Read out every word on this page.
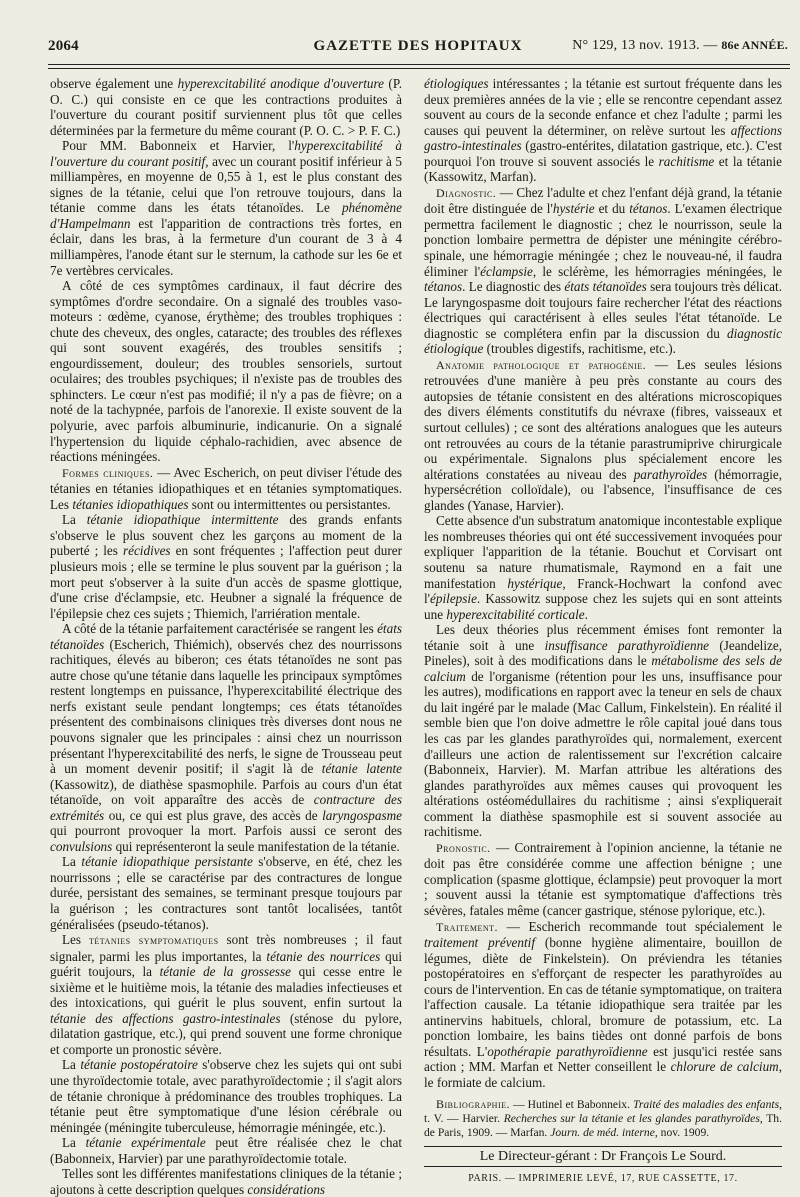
2064	GAZETTE DES HOPITAUX	N° 129, 13 nov. 1913. — 86e ANNÉE.

observe également une hyperexcitabilité anodique d'ouverture (P. O. C.) qui consiste en ce que les contractions produites à l'ouverture du courant positif surviennent plus tôt que celles déterminées par la fermeture du même courant (P. O. C. > P. F. C.)

Pour MM. Babonneix et Harvier, l'hyperexcitabilité à l'ouverture du courant positif, avec un courant positif inférieur à 5 milliampères, en moyenne de 0,55 à 1, est le plus constant des signes de la tétanie, celui que l'on retrouve toujours, dans la tétanie comme dans les états tétanoïdes. Le phénomène d'Hampelmann est l'apparition de contractions très fortes, en éclair, dans les bras, à la fermeture d'un courant de 3 à 4 milliampères, l'anode étant sur le sternum, la cathode sur les 6e et 7e vertèbres cervicales.

A côté de ces symptômes cardinaux, il faut décrire des symptômes d'ordre secondaire. On a signalé des troubles vaso-moteurs : œdème, cyanose, érythème; des troubles trophiques : chute des cheveux, des ongles, cataracte; des troubles des réflexes qui sont souvent exagérés, des troubles sensitifs ; engourdissement, douleur; des troubles sensoriels, surtout oculaires; des troubles psychiques; il n'existe pas de troubles des sphincters. Le cœur n'est pas modifié; il n'y a pas de fièvre; on a noté de la tachypnée, parfois de l'anorexie. Il existe souvent de la polyurie, avec parfois albuminurie, indicanurie. On a signalé l'hypertension du liquide céphalo-rachidien, avec absence de réactions méningées.

Formes cliniques. — Avec Escherich, on peut diviser l'étude des tétanies en tétanies idiopathiques et en tétanies symptomatiques. Les tétanies idiopathiques sont ou intermittentes ou persistantes.

La tétanie idiopathique intermittente des grands enfants s'observe le plus souvent chez les garçons au moment de la puberté ; les récidives en sont fréquentes ; l'affection peut durer plusieurs mois ; elle se termine le plus souvent par la guérison ; la mort peut s'observer à la suite d'un accès de spasme glottique, d'une crise d'éclampsie, etc. Heubner a signalé la fréquence de l'épilepsie chez ces sujets ; Thiemich, l'arriération mentale.

A côté de la tétanie parfaitement caractérisée se rangent les états tétanoïdes (Escherich, Thiémich), observés chez des nourrissons rachitiques, élevés au biberon; ces états tétanoïdes ne sont pas autre chose qu'une tétanie dans laquelle les principaux symptômes restent longtemps en puissance, l'hyperexcitabilité électrique des nerfs existant seule pendant longtemps; ces états tétanoïdes présentent des combinaisons cliniques très diverses dont nous ne pouvons signaler que les principales : ainsi chez un nourrisson présentant l'hyperexcitabilité des nerfs, le signe de Trousseau peut à un moment devenir positif; il s'agit là de tétanie latente (Kassowitz), de diathèse spasmophile. Parfois au cours d'un état tétanoïde, on voit apparaître des accès de contracture des extrémités ou, ce qui est plus grave, des accès de laryngospasme qui pourront provoquer la mort. Parfois aussi ce seront des convulsions qui représenteront la seule manifestation de la tétanie.

La tétanie idiopathique persistante s'observe, en été, chez les nourrissons ; elle se caractérise par des contractures de longue durée, persistant des semaines, se terminant presque toujours par la guérison ; les contractures sont tantôt localisées, tantôt généralisées (pseudo-tétanos).

Les tétanies symptomatiques sont très nombreuses ; il faut signaler, parmi les plus importantes, la tétanie des nourrices qui guérit toujours, la tétanie de la grossesse qui cesse entre le sixième et le huitième mois, la tétanie des maladies infectieuses et des intoxications, qui guérit le plus souvent, enfin surtout la tétanie des affections gastro-intestinales (sténose du pylore, dilatation gastrique, etc.), qui prend souvent une forme chronique et comporte un pronostic sévère.

La tétanie postopératoire s'observe chez les sujets qui ont subi une thyroïdectomie totale, avec parathyroïdectomie ; il s'agit alors de tétanie chronique à prédominance des troubles trophiques. La tétanie peut être symptomatique d'une lésion cérébrale ou méningée (méningite tuberculeuse, hémorragie méningée, etc.).

La tétanie expérimentale peut être réalisée chez le chat (Babonneix, Harvier) par une parathyroïdectomie totale.

Telles sont les différentes manifestations cliniques de la tétanie ; ajoutons à cette description quelques considérations

étiologiques intéressantes ; la tétanie est surtout fréquente dans les deux premières années de la vie ; elle se rencontre cependant assez souvent au cours de la seconde enfance et chez l'adulte ; parmi les causes qui peuvent la déterminer, on relève surtout les affections gastro-intestinales (gastro-entérites, dilatation gastrique, etc.). C'est pourquoi l'on trouve si souvent associés le rachitisme et la tétanie (Kassowitz, Marfan).

Diagnostic. — Chez l'adulte et chez l'enfant déjà grand, la tétanie doit être distinguée de l'hystérie et du tétanos. L'examen électrique permettra facilement le diagnostic ; chez le nourrisson, seule la ponction lombaire permettra de dépister une méningite cérébro-spinale, une hémorragie méningée ; chez le nouveau-né, il faudra éliminer l'éclampsie, le sclérème, les hémorragies méningées, le tétanos. Le diagnostic des états tétanoïdes sera toujours très délicat. Le laryngospasme doit toujours faire rechercher l'état des réactions électriques qui caractérisent à elles seules l'état tétanoïde. Le diagnostic se complétera enfin par la discussion du diagnostic étiologique (troubles digestifs, rachitisme, etc.).

Anatomie pathologique et pathogénie. — Les seules lésions retrouvées d'une manière à peu près constante au cours des autopsies de tétanie consistent en des altérations microscopiques des divers éléments constitutifs du névraxe (fibres, vaisseaux et surtout cellules) ; ce sont des altérations analogues que les auteurs ont retrouvées au cours de la tétanie parastrumiprive chirurgicale ou expérimentale. Signalons plus spécialement encore les altérations constatées au niveau des parathyroïdes (hémorragie, hypersécrétion colloïdale), ou l'absence, l'insuffisance de ces glandes (Yanase, Harvier).

Cette absence d'un substratum anatomique incontestable explique les nombreuses théories qui ont été successivement invoquées pour expliquer l'apparition de la tétanie. Bouchut et Corvisart ont soutenu sa nature rhumatismale, Raymond en a fait une manifestation hystérique, Franck-Hochwart la confond avec l'épilepsie. Kassowitz suppose chez les sujets qui en sont atteints une hyperexcitabilité corticale.

Les deux théories plus récemment émises font remonter la tétanie soit à une insuffisance parathyroïdienne (Jeandelize, Pineles), soit à des modifications dans le métabolisme des sels de calcium de l'organisme (rétention pour les uns, insuffisance pour les autres), modifications en rapport avec la teneur en sels de chaux du lait ingéré par le malade (Mac Callum, Finkelstein). En réalité il semble bien que l'on doive admettre le rôle capital joué dans tous les cas par les glandes parathyroïdes qui, normalement, exercent d'ailleurs une action de ralentissement sur l'excrétion calcaire (Babonneix, Harvier). M. Marfan attribue les altérations des glandes parathyroïdes aux mêmes causes qui provoquent les altérations ostéomédullaires du rachitisme ; ainsi s'expliquerait comment la diathèse spasmophile est si souvent associée au rachitisme.

Pronostic. — Contrairement à l'opinion ancienne, la tétanie ne doit pas être considérée comme une affection bénigne ; une complication (spasme glottique, éclampsie) peut provoquer la mort ; souvent aussi la tétanie est symptomatique d'affections très sévères, fatales même (cancer gastrique, sténose pylorique, etc.).

Traitement. — Escherich recommande tout spécialement le traitement préventif (bonne hygiène alimentaire, bouillon de légumes, diète de Finkelstein). On préviendra les tétanies postopératoires en s'efforçant de respecter les parathyroïdes au cours de l'intervention. En cas de tétanie symptomatique, on traitera l'affection causale. La tétanie idiopathique sera traitée par les antinervins habituels, chloral, bromure de potassium, etc. La ponction lombaire, les bains tièdes ont donné parfois de bons résultats. L'opothérapie parathyroïdienne est jusqu'ici restée sans action ; MM. Marfan et Netter conseillent le chlorure de calcium, le formiate de calcium.

Bibliographie. — Hutinel et Babonneix. Traité des maladies des enfants, t. V. — Harvier. Recherches sur la tétanie et les glandes parathyroïdes, Th. de Paris, 1909. — Marfan. Journ. de méd. interne, nov. 1909.

Le Directeur-gérant : Dr François Le Sourd.

PARIS. — IMPRIMERIE LEVÉ, 17, RUE CASSETTE, 17.
